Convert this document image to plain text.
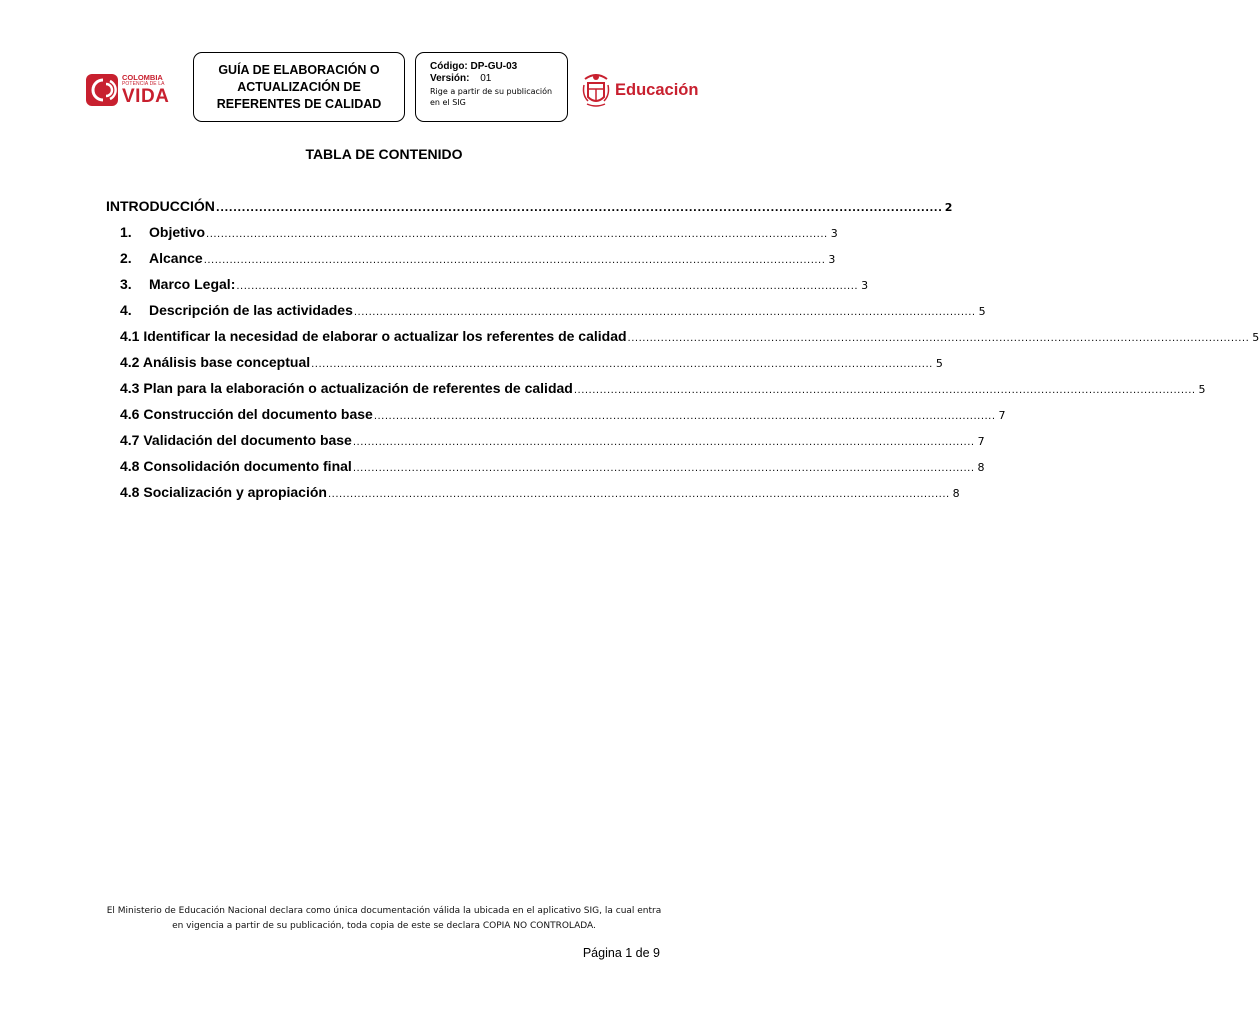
COLOMBIA
POTENCIA DE LA
VIDA
GUÍA DE ELABORACIÓN O
ACTUALIZACIÓN DE
REFERENTES DE CALIDAD
Código: DP-GU-03
Versión: 01
Rige a partir de su publicación
en el SIG
Educación
TABLA DE CONTENIDO
INTRODUCCIÓN ......................................................................................................................................................................... 2
1.	Objetivo ......................................................................................................................................................................... 3
2.	Alcance ......................................................................................................................................................................... 3
3.	Marco Legal: ......................................................................................................................................................................... 3
4.	Descripción de las actividades ......................................................................................................................................................................... 5
4.1 Identificar la necesidad de elaborar o actualizar los referentes de calidad ......................................................................................................................................................................... 5
4.2 Análisis base conceptual ......................................................................................................................................................................... 5
4.3 Plan para la elaboración o actualización de referentes de calidad ......................................................................................................................................................................... 5
4.6 Construcción del documento base ......................................................................................................................................................................... 7
4.7 Validación del documento base ......................................................................................................................................................................... 7
4.8 Consolidación documento final ......................................................................................................................................................................... 8
4.8 Socialización y apropiación ......................................................................................................................................................................... 8
El Ministerio de Educación Nacional declara como única documentación válida la ubicada en el aplicativo SIG, la cual entra
en vigencia a partir de su publicación, toda copia de este se declara COPIA NO CONTROLADA.
Página 1 de 9
